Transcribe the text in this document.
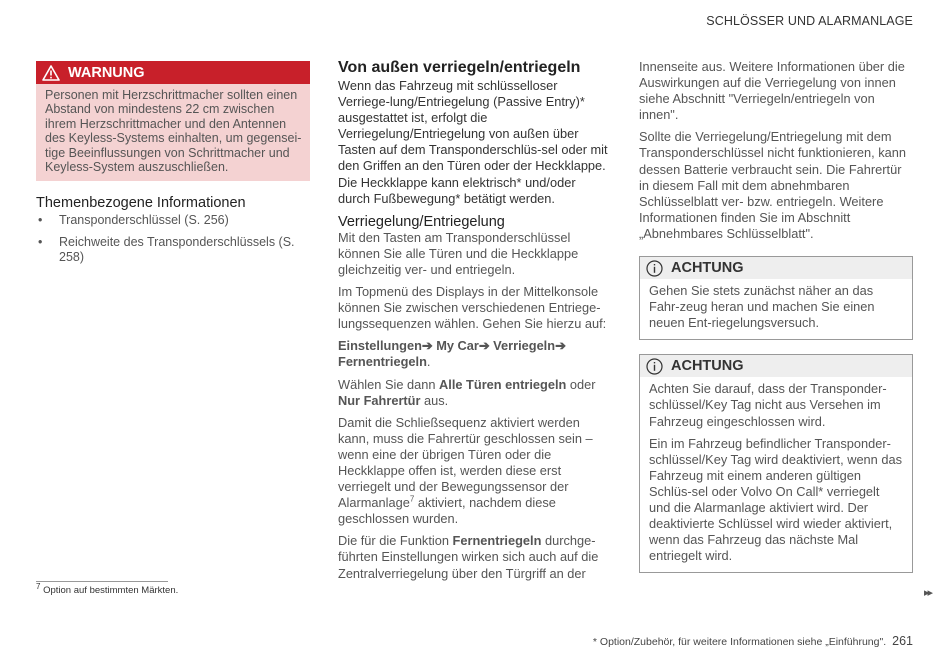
SCHLÖSSER UND ALARMANLAGE
WARNUNG
Personen mit Herzschrittmacher sollten einen Abstand von mindestens 22 cm zwischen ihrem Herzschrittmacher und den Antennen des Keyless-Systems einhalten, um gegensei-tige Beeinflussungen von Schrittmacher und Keyless-System auszuschließen.
Themenbezogene Informationen
• Transponderschlüssel (S. 256)
• Reichweite des Transponderschlüssels (S. 258)
Von außen verriegeln/entriegeln
Wenn das Fahrzeug mit schlüsselloser Verriege-lung/Entriegelung (Passive Entry)* ausgestattet ist, erfolgt die Verriegelung/Entriegelung von außen über Tasten auf dem Transponderschlüs-sel oder mit den Griffen an den Türen oder der Heckklappe. Die Heckklappe kann elektrisch* und/oder durch Fußbewegung* betätigt werden.
Verriegelung/Entriegelung
Mit den Tasten am Transponderschlüssel können Sie alle Türen und die Heckklappe gleichzeitig ver- und entriegeln.
Im Topmenü des Displays in der Mittelkonsole können Sie zwischen verschiedenen Entriege-lungssequenzen wählen. Gehen Sie hierzu auf:
Einstellungen➔ My Car➔ Verriegeln➔ Fernentriegeln.
Wählen Sie dann Alle Türen entriegeln oder Nur Fahrertür aus.
Damit die Schließsequenz aktiviert werden kann, muss die Fahrertür geschlossen sein – wenn eine der übrigen Türen oder die Heckklappe offen ist, werden diese erst verriegelt und der Bewegungssensor der Alarmanlage$^7$ aktiviert, nachdem diese geschlossen wurden.
Die für die Funktion Fernentriegeln durchge-führten Einstellungen wirken sich auch auf die Zentralverriegelung über den Türgriff an der
Innenseite aus. Weitere Informationen über die Auswirkungen auf die Verriegelung von innen siehe Abschnitt "Verriegeln/entriegeln von innen".
Sollte die Verriegelung/Entriegelung mit dem Transponderschlüssel nicht funktionieren, kann dessen Batterie verbraucht sein. Die Fahrertür in diesem Fall mit dem abnehmbaren Schlüsselblatt ver- bzw. entriegeln. Weitere Informationen finden Sie im Abschnitt „Abnehmbares Schlüsselblatt".
ACHTUNG

Gehen Sie stets zunächst näher an das Fahr-zeug heran und machen Sie einen neuen Ent-riegelungsversuch.

ACHTUNG

Achten Sie darauf, dass der Transponder-schlüssel/Key Tag nicht aus Versehen im Fahrzeug eingeschlossen wird.

Ein im Fahrzeug befindlicher Transponder-schlüssel/Key Tag wird deaktiviert, wenn das Fahrzeug mit einem anderen gültigen Schlüs-sel oder Volvo On Call* verriegelt und die Alarmanlage aktiviert wird. Der deaktivierte Schlüssel wird wieder aktiviert, wenn das Fahrzeug das nächste Mal entriegelt wird.

$^7$ Option auf bestimmten Märkten.	▸▸
* Option/Zubehör, für weitere Informationen siehe „Einführung". 261
